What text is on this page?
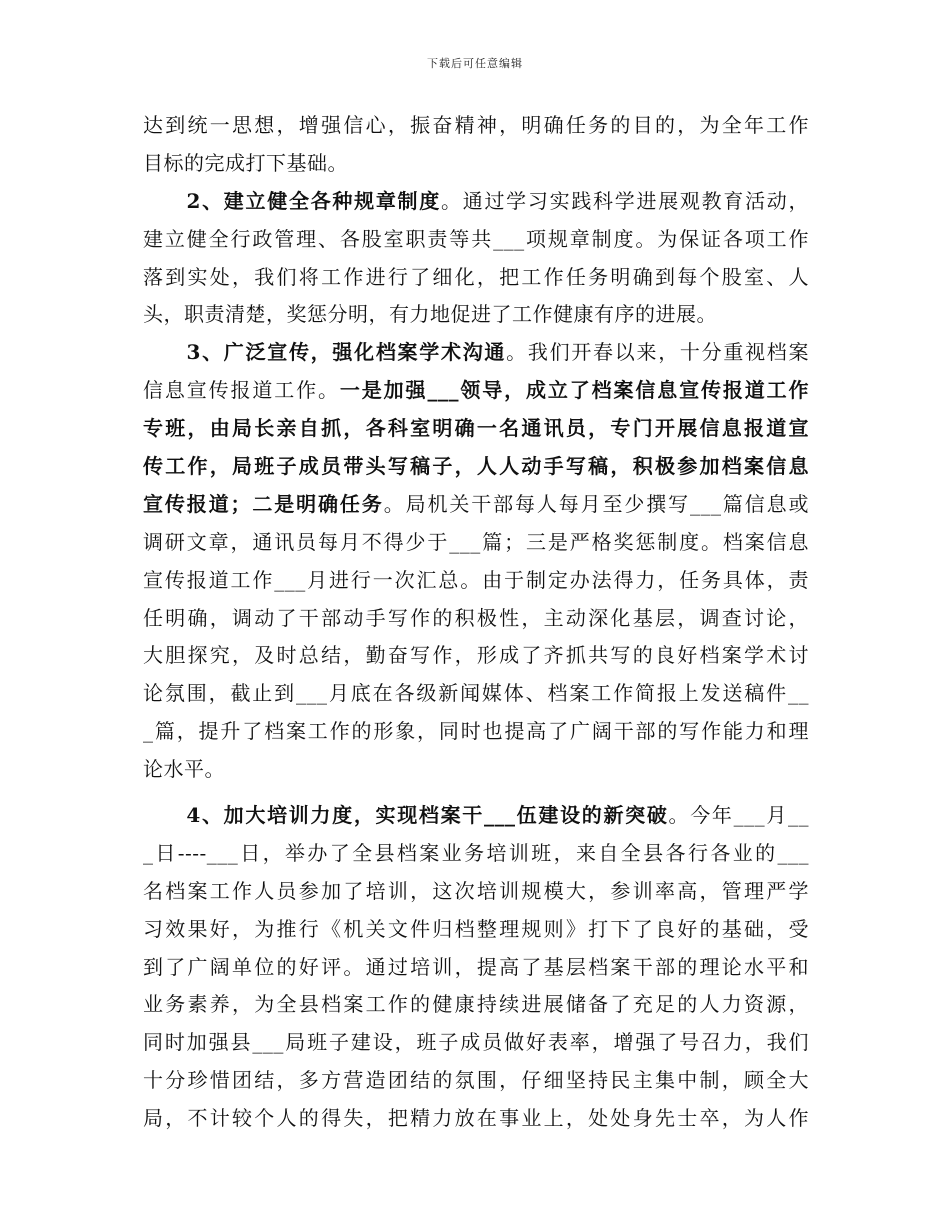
下载后可任意编辑
达到统一思想，增强信心，振奋精神，明确任务的目的，为全年工作
目标的完成打下基础。
　　2、建立健全各种规章制度。通过学习实践科学进展观教育活动，
建立健全行政管理、各股室职责等共___项规章制度。为保证各项工作
落到实处，我们将工作进行了细化，把工作任务明确到每个股室、人
头，职责清楚，奖惩分明，有力地促进了工作健康有序的进展。
　　3、广泛宣传，强化档案学术沟通。我们开春以来，十分重视档案
信息宣传报道工作。一是加强___领导，成立了档案信息宣传报道工作
专班，由局长亲自抓，各科室明确一名通讯员，专门开展信息报道宣
传工作，局班子成员带头写稿子，人人动手写稿，积极参加档案信息
宣传报道；二是明确任务。局机关干部每人每月至少撰写___篇信息或
调研文章，通讯员每月不得少于___篇；三是严格奖惩制度。档案信息
宣传报道工作___月进行一次汇总。由于制定办法得力，任务具体，责
任明确，调动了干部动手写作的积极性，主动深化基层，调查讨论，
大胆探究，及时总结，勤奋写作，形成了齐抓共写的良好档案学术讨
论氛围，截止到___月底在各级新闻媒体、档案工作简报上发送稿件__
_篇，提升了档案工作的形象，同时也提高了广阔干部的写作能力和理
论水平。
　　4、加大培训力度，实现档案干___伍建设的新突破。今年___月__
_日----___日，举办了全县档案业务培训班，来自全县各行各业的___
名档案工作人员参加了培训，这次培训规模大，参训率高，管理严学
习效果好，为推行《机关文件归档整理规则》打下了良好的基础，受
到了广阔单位的好评。通过培训，提高了基层档案干部的理论水平和
业务素养，为全县档案工作的健康持续进展储备了充足的人力资源，
同时加强县___局班子建设，班子成员做好表率，增强了号召力，我们
十分珍惜团结，多方营造团结的氛围，仔细坚持民主集中制，顾全大
局，不计较个人的得失，把精力放在事业上，处处身先士卒，为人作
